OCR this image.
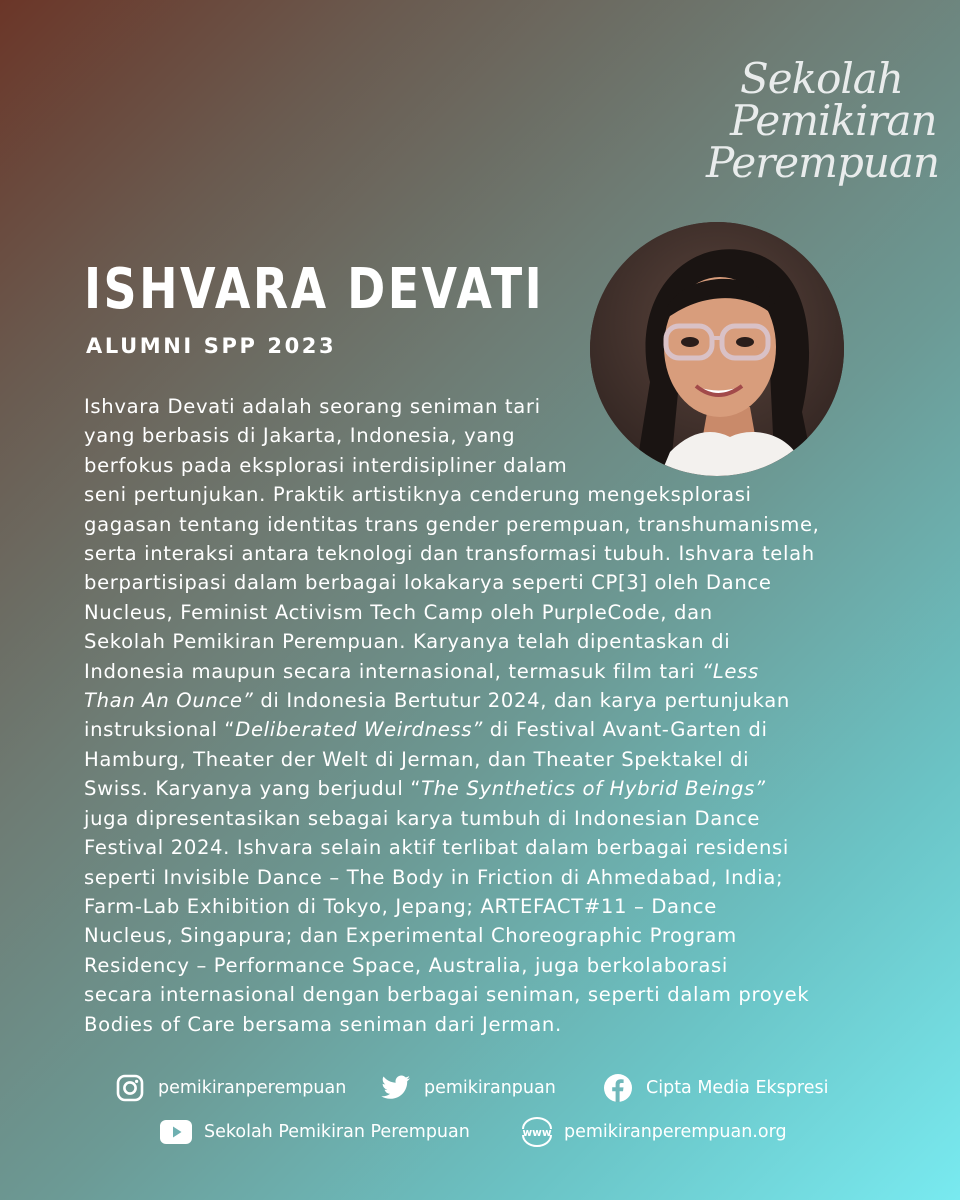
Sekolah
Pemikiran
Perempuan
ISHVARA DEVATI
ALUMNI SPP 2023

Ishvara Devati adalah seorang seniman tari
yang berbasis di Jakarta, Indonesia, yang
berfokus pada eksplorasi interdisipliner dalam
seni pertunjukan. Praktik artistiknya cenderung mengeksplorasi
gagasan tentang identitas trans gender perempuan, transhumanisme,
serta interaksi antara teknologi dan transformasi tubuh. Ishvara telah
berpartisipasi dalam berbagai lokakarya seperti CP[3] oleh Dance
Nucleus, Feminist Activism Tech Camp oleh PurpleCode, dan
Sekolah Pemikiran Perempuan. Karyanya telah dipentaskan di
Indonesia maupun secara internasional, termasuk film tari “Less
Than An Ounce” di Indonesia Bertutur 2024, dan karya pertunjukan
instruksional “Deliberated Weirdness” di Festival Avant-Garten di
Hamburg, Theater der Welt di Jerman, dan Theater Spektakel di
Swiss. Karyanya yang berjudul “The Synthetics of Hybrid Beings”
juga dipresentasikan sebagai karya tumbuh di Indonesian Dance
Festival 2024. Ishvara selain aktif terlibat dalam berbagai residensi
seperti Invisible Dance – The Body in Friction di Ahmedabad, India;
Farm-Lab Exhibition di Tokyo, Jepang; ARTEFACT#11 – Dance
Nucleus, Singapura; dan Experimental Choreographic Program
Residency – Performance Space, Australia, juga berkolaborasi
secara internasional dengan berbagai seniman, seperti dalam proyek
Bodies of Care bersama seniman dari Jerman.

pemikiranperempuan	pemikiranpuan	Cipta Media Ekspresi
Sekolah Pemikiran Perempuan	www pemikiranperempuan.org
